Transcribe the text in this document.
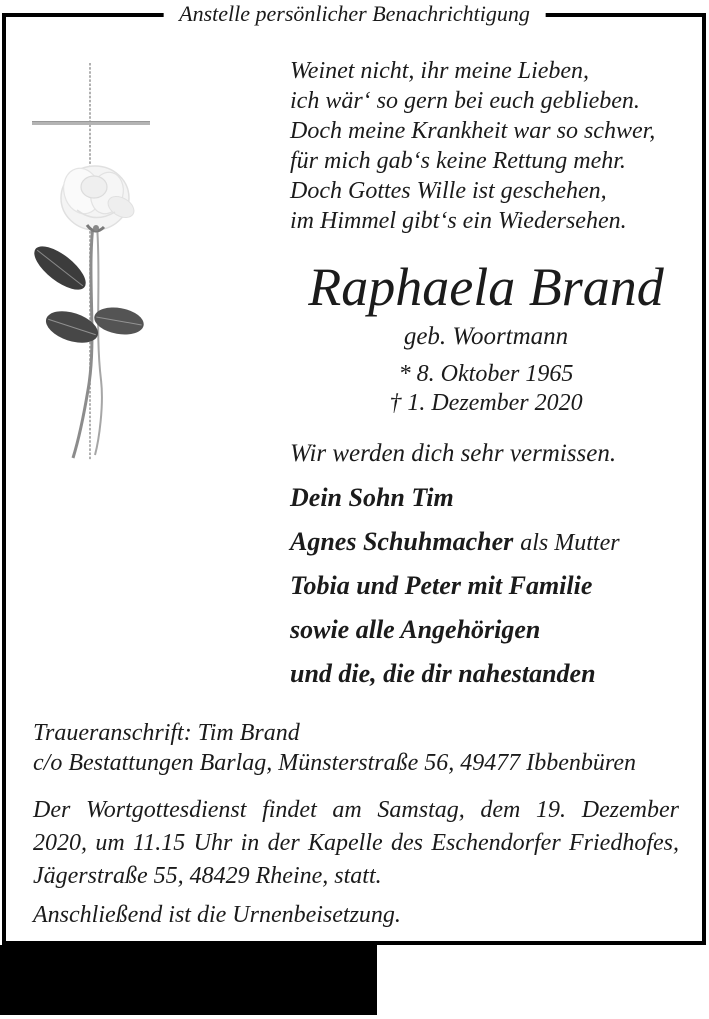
Anstelle persönlicher Benachrichtigung
Weinet nicht, ihr meine Lieben,
ich wär‘ so gern bei euch geblieben.
Doch meine Krankheit war so schwer,
für mich gab‘s keine Rettung mehr.
Doch Gottes Wille ist geschehen,
im Himmel gibt‘s ein Wiedersehen.
Raphaela Brand
geb. Woortmann
* 8. Oktober 1965
† 1. Dezember 2020
Wir werden dich sehr vermissen.
Dein Sohn Tim
Agnes Schuhmacher als Mutter
Tobia und Peter mit Familie
sowie alle Angehörigen
und die, die dir nahestanden
Traueranschrift: Tim Brand
c/o Bestattungen Barlag, Münsterstraße 56, 49477 Ibbenbüren
Der Wortgottesdienst findet am Samstag, dem 19. Dezember
2020, um 11.15 Uhr in der Kapelle des Eschendorfer Friedhofes,
Jägerstraße 55, 48429 Rheine, statt.
Anschließend ist die Urnenbeisetzung.
